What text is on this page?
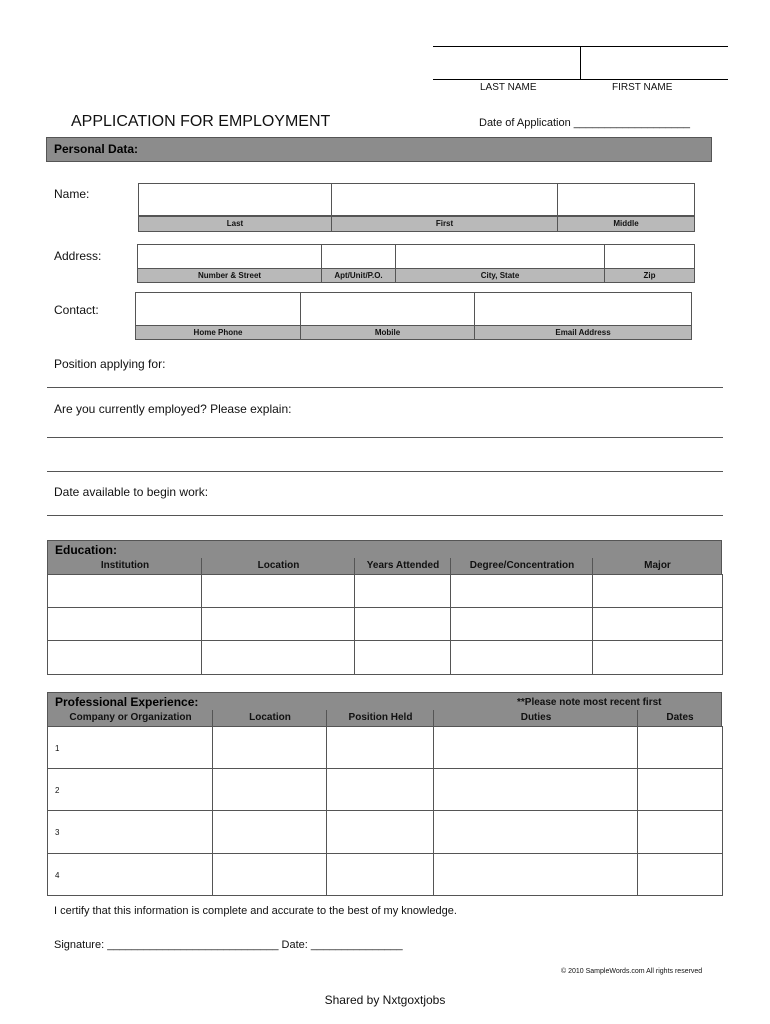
LAST NAME	FIRST NAME
APPLICATION FOR EMPLOYMENT	Date of Application ___________________
Personal Data:
Name:
Last	First	Middle
Address:
Number & Street	Apt/Unit/P.O.	City, State	Zip
Contact:
Home Phone	Mobile	Email Address
Position applying for:
Are you currently employed? Please explain:
Date available to begin work:
Education:
Institution	Location	Years Attended	Degree/Concentration	Major
Professional Experience:	**Please note most recent first
Company or Organization	Location	Position Held	Duties	Dates
1
2
3
4
I certify that this information is complete and accurate to the best of my knowledge.
Signature: ____________________________ Date: _______________
© 2010 SampleWords.com All rights reserved
Shared by Nxtgoxtjobs
